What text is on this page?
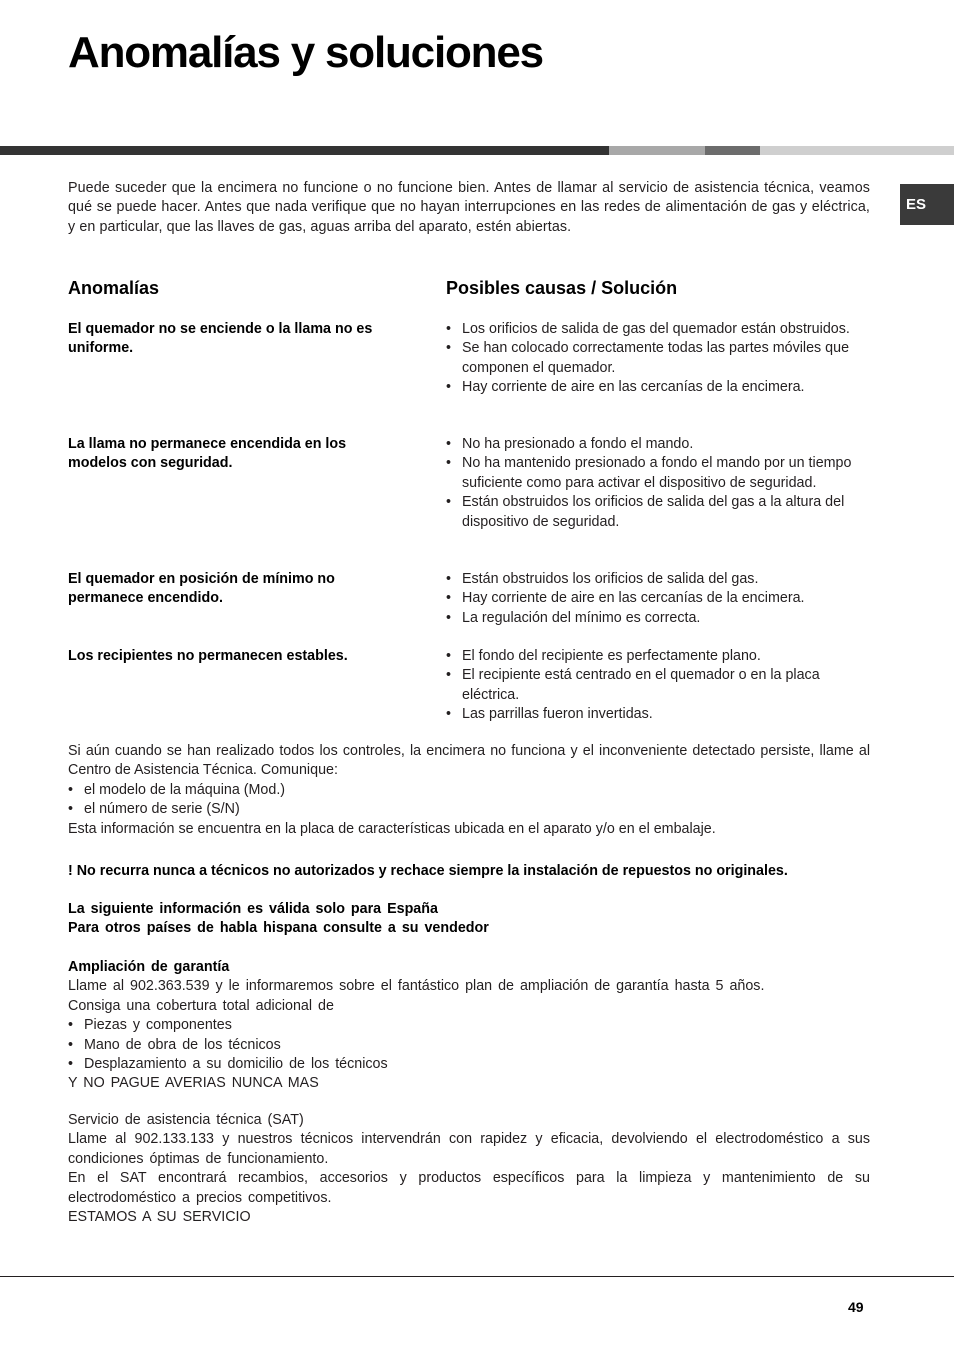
Anomalías y soluciones
ES

Puede suceder que la encimera no funcione o no funcione bien. Antes de llamar al servicio de asistencia técnica, veamos qué se puede hacer. Antes que nada verifique que no hayan interrupciones en las redes de alimentación de gas y eléctrica, y en particular, que las llaves de gas, aguas arriba del aparato, estén abiertas.

Anomalías	Posibles causas / Solución

El quemador no se enciende o la llama no es uniforme.

• Los orificios de salida de gas del quemador están obstruidos.
• Se han colocado correctamente todas las partes móviles que componen el quemador.
• Hay corriente de aire en las cercanías de la encimera.

La llama no permanece encendida en los modelos con seguridad.

• No ha presionado a fondo el mando.
• No ha mantenido presionado a fondo el mando por un tiempo suficiente como para activar el dispositivo de seguridad.
• Están obstruidos los orificios de salida del gas a la altura del dispositivo de seguridad.

El quemador en posición de mínimo no permanece encendido.

• Están obstruidos los orificios de salida del gas.
• Hay corriente de aire en las cercanías de la encimera.
• La regulación del mínimo es correcta.

Los recipientes no permanecen estables.

•	El fondo del recipiente es perfectamente plano.
• El recipiente está centrado en el quemador o en la placa eléctrica.
• Las parrillas fueron invertidas.
Si aún cuando se han realizado todos los controles, la encimera no funciona y el inconveniente detectado persiste, llame al Centro de Asistencia Técnica. Comunique:
• el modelo de la máquina (Mod.)
• el número de serie (S/N)
Esta información se encuentra en la placa de características ubicada en el aparato y/o en el embalaje.
! No recurra nunca a técnicos no autorizados y rechace siempre la instalación de repuestos no originales.
La siguiente información es válida solo para España
Para otros países de habla hispana consulte a su vendedor
Ampliación de garantía
Llame al 902.363.539 y le informaremos sobre el fantástico plan de ampliación de garantía hasta 5 años.
Consiga una cobertura total adicional de
• Piezas y componentes
• Mano de obra de los técnicos
• Desplazamiento a su domicilio de los técnicos
Y NO PAGUE AVERIAS NUNCA MAS
Servicio de asistencia técnica (SAT)
Llame al 902.133.133 y nuestros técnicos intervendrán con rapidez y eficacia, devolviendo el electrodoméstico a sus condiciones óptimas de funcionamiento.
En el SAT encontrará recambios, accesorios y productos específicos para la limpieza y mantenimiento de su electrodoméstico a precios competitivos.
ESTAMOS A SU SERVICIO
49
